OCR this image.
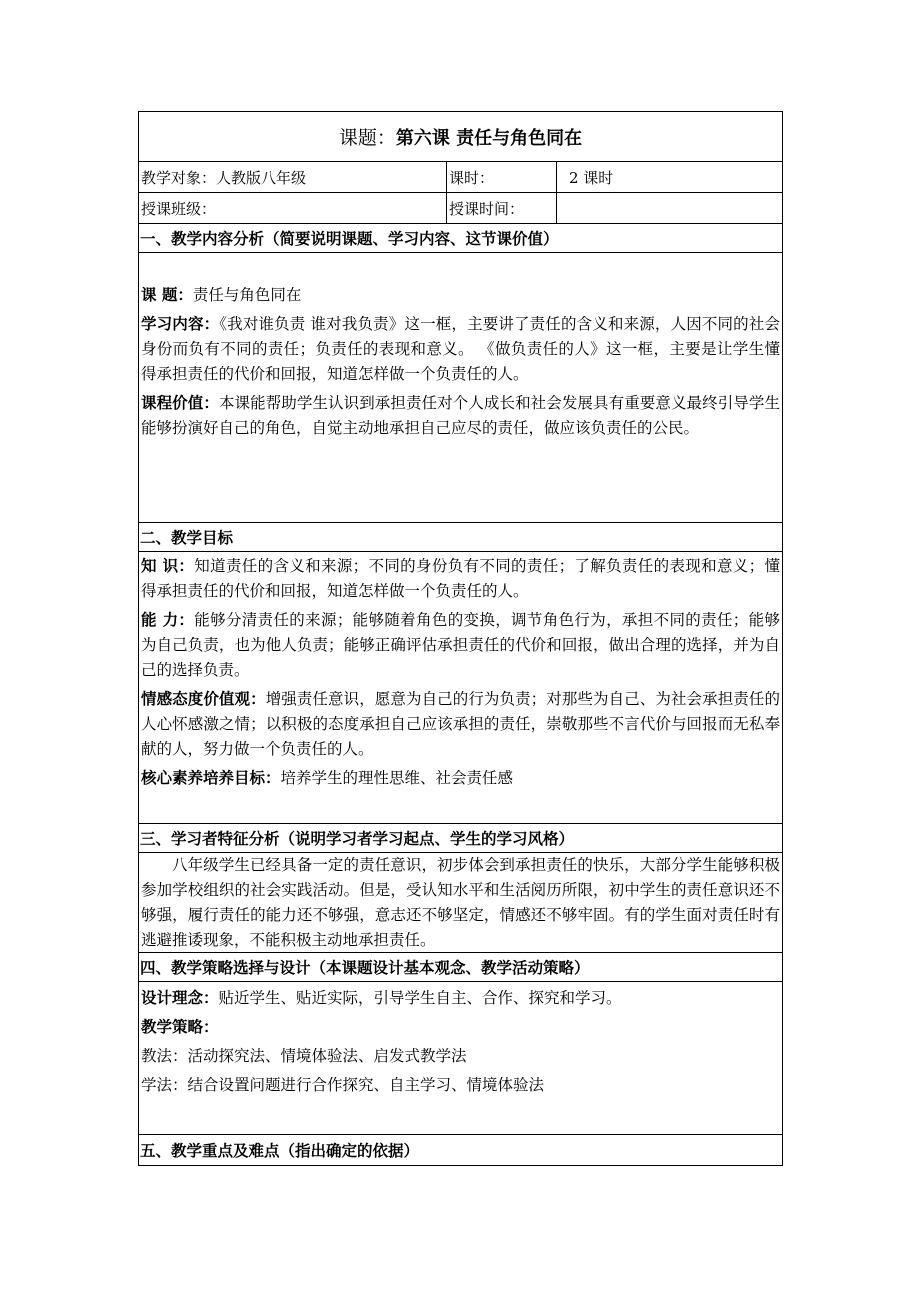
课题： 第六课 责任与角色同在
教学对象：人教版八年级	课时：	2 课时
授课班级：	授课时间：
一、教学内容分析（简要说明课题、学习内容、这节课价值）

课 题：责任与角色同在

学习内容：《我对谁负责 谁对我负责》这一框，主要讲了责任的含义和来源，人因不同的社会身份而负有不同的责任；负责任的表现和意义。 《做负责任的人》这一框，主要是让学生懂得承担责任的代价和回报，知道怎样做一个负责任的人。

课程价值：本课能帮助学生认识到承担责任对个人成长和社会发展具有重要意义最终引导学生能够扮演好自己的角色，自觉主动地承担自己应尽的责任，做应该负责任的公民。

二、教学目标

知 识：知道责任的含义和来源；不同的身份负有不同的责任；了解负责任的表现和意义；懂得承担责任的代价和回报，知道怎样做一个负责任的人。

能 力：能够分清责任的来源；能够随着角色的变换，调节角色行为，承担不同的责任；能够为自己负责，也为他人负责；能够正确评估承担责任的代价和回报，做出合理的选择，并为自己的选择负责。

情感态度价值观：增强责任意识，愿意为自己的行为负责；对那些为自己、为社会承担责任的人心怀感激之情；以积极的态度承担自己应该承担的责任，崇敬那些不言代价与回报而无私奉献的人，努力做一个负责任的人。

核心素养培养目标：培养学生的理性思维、社会责任感

三、学习者特征分析（说明学习者学习起点、学生的学习风格）

八年级学生已经具备一定的责任意识，初步体会到承担责任的快乐，大部分学生能够积极参加学校组织的社会实践活动。但是，受认知水平和生活阅历所限，初中学生的责任意识还不够强，履行责任的能力还不够强，意志还不够坚定，情感还不够牢固。有的学生面对责任时有逃避推诿现象，不能积极主动地承担责任。

四、教学策略选择与设计（本课题设计基本观念、教学活动策略）

设计理念：贴近学生、贴近实际，引导学生自主、合作、探究和学习。

教学策略：

教法：活动探究法、情境体验法、启发式教学法

学法：结合设置问题进行合作探究、自主学习、情境体验法

五、教学重点及难点（指出确定的依据）
